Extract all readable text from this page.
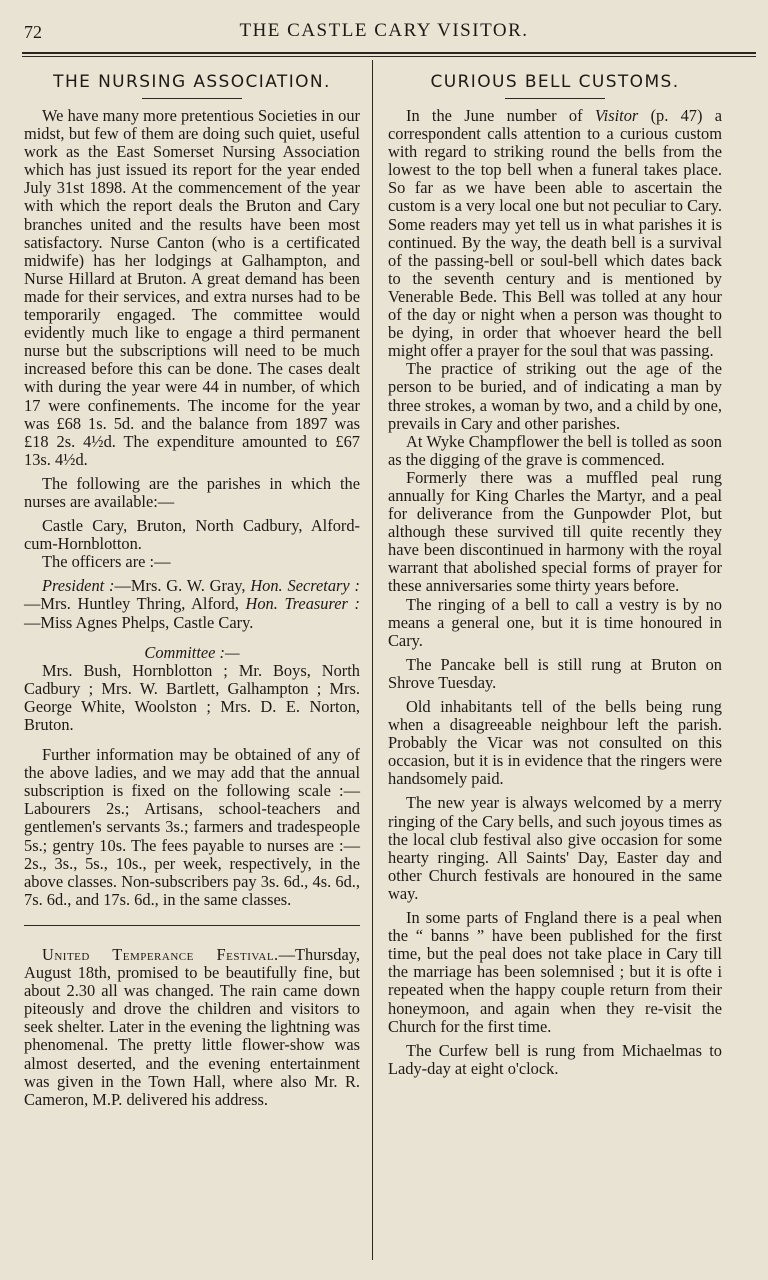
72	THE CASTLE CARY VISITOR.
THE NURSING ASSOCIATION.

We have many more pretentious Societies in our midst, but few of them are doing such quiet, useful work as the East Somerset Nursing Association which has just issued its report for the year ended July 31st 1898. At the commencement of the year with which the report deals the Bruton and Cary branches united and the results have been most satisfactory. Nurse Canton (who is a certificated midwife) has her lodgings at Galhampton, and Nurse Hillard at Bruton. A great demand has been made for their services, and extra nurses had to be temporarily engaged. The committee would evidently much like to engage a third permanent nurse but the subscriptions will need to be much increased before this can be done. The cases dealt with during the year were 44 in number, of which 17 were confinements. The income for the year was £68 1s. 5d. and the balance from 1897 was £18 2s. 4½d. The expenditure amounted to £67 13s. 4½d.

The following are the parishes in which the nurses are available:—

Castle Cary, Bruton, North Cadbury, Alford-cum-Hornblotton.

The officers are :—

President :—Mrs. G. W. Gray, Hon. Secretary :—Mrs. Huntley Thring, Alford, Hon. Treasurer :—Miss Agnes Phelps, Castle Cary.

Committee :—

Mrs. Bush, Hornblotton ; Mr. Boys, North Cadbury ; Mrs. W. Bartlett, Galhampton ; Mrs. George White, Woolston ; Mrs. D. E. Norton, Bruton.

Further information may be obtained of any of the above ladies, and we may add that the annual subscription is fixed on the following scale :—Labourers 2s.; Artisans, school-teachers and gentlemen's servants 3s.; farmers and tradespeople 5s.; gentry 10s. The fees payable to nurses are :—2s., 3s., 5s., 10s., per week, respectively, in the above classes. Non-subscribers pay 3s. 6d., 4s. 6d., 7s. 6d., and 17s. 6d., in the same classes.

United Temperance Festival.—Thursday, August 18th, promised to be beautifully fine, but about 2.30 all was changed. The rain came down piteously and drove the children and visitors to seek shelter. Later in the evening the lightning was phenomenal. The pretty little flower-show was almost deserted, and the evening entertainment was given in the Town Hall, where also Mr. R. Cameron, M.P. delivered his address.

CURIOUS BELL CUSTOMS.

In the June number of Visitor (p. 47) a correspondent calls attention to a curious custom with regard to striking round the bells from the lowest to the top bell when a funeral takes place. So far as we have been able to ascertain the custom is a very local one but not peculiar to Cary. Some readers may yet tell us in what parishes it is continued. By the way, the death bell is a survival of the passing-bell or soul-bell which dates back to the seventh century and is mentioned by Venerable Bede. This Bell was tolled at any hour of the day or night when a person was thought to be dying, in order that whoever heard the bell might offer a prayer for the soul that was passing.

The practice of striking out the age of the person to be buried, and of indicating a man by three strokes, a woman by two, and a child by one, prevails in Cary and other parishes.

At Wyke Champflower the bell is tolled as soon as the digging of the grave is commenced.

Formerly there was a muffled peal rung annually for King Charles the Martyr, and a peal for deliverance from the Gunpowder Plot, but although these survived till quite recently they have been discontinued in harmony with the royal warrant that abolished special forms of prayer for these anniversaries some thirty years before.

The ringing of a bell to call a vestry is by no means a general one, but it is time honoured in Cary.

The Pancake bell is still rung at Bruton on Shrove Tuesday.

Old inhabitants tell of the bells being rung when a disagreeable neighbour left the parish. Probably the Vicar was not consulted on this occasion, but it is in evidence that the ringers were handsomely paid.

The new year is always welcomed by a merry ringing of the Cary bells, and such joyous times as the local club festival also give occasion for some hearty ringing. All Saints' Day, Easter day and other Church festivals are honoured in the same way.

In some parts of Fngland there is a peal when the “ banns ” have been published for the first time, but the peal does not take place in Cary till the marriage has been solemnised ; but it is ofte i repeated when the happy couple return from their honeymoon, and again when they re-visit the Church for the first time.

The Curfew bell is rung from Michaelmas to Lady-day at eight o'clock.
